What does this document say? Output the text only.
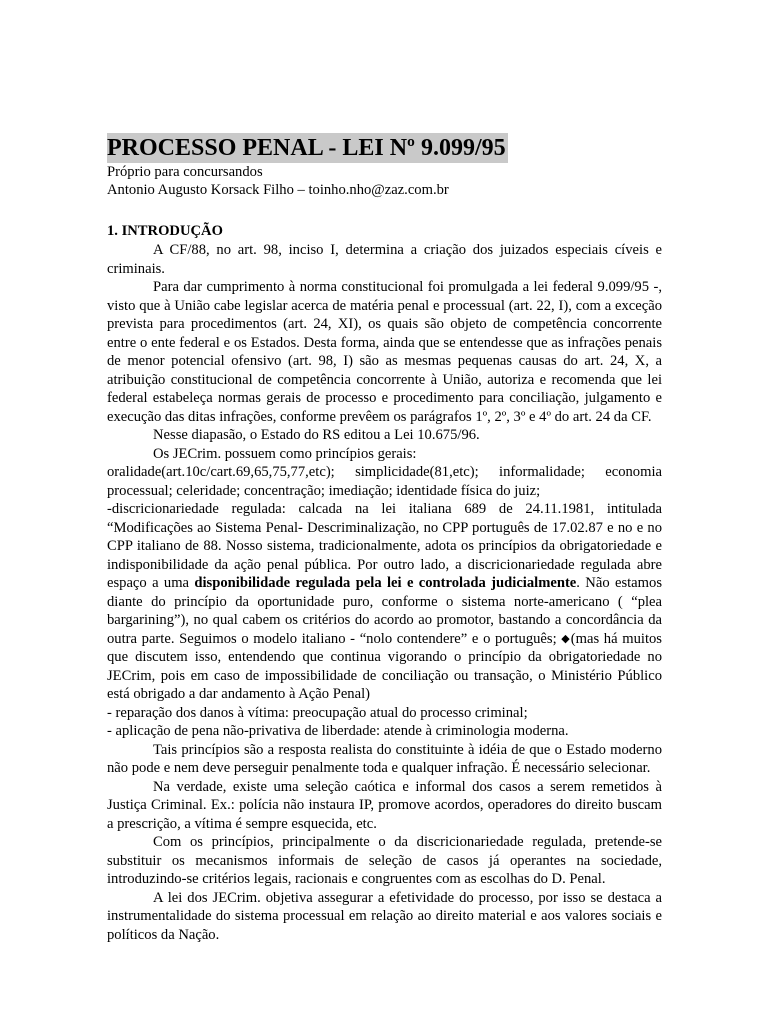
PROCESSO PENAL - LEI Nº 9.099/95
Próprio para concursandos
Antonio Augusto Korsack Filho – toinho.nho@zaz.com.br
1. INTRODUÇÃO

A CF/88, no art. 98, inciso I, determina a criação dos juizados especiais cíveis e criminais.

Para dar cumprimento à norma constitucional foi promulgada a lei federal 9.099/95 -, visto que à União cabe legislar acerca de matéria penal e processual (art. 22, I), com a exceção prevista para procedimentos (art. 24, XI), os quais são objeto de competência concorrente entre o ente federal e os Estados. Desta forma, ainda que se entendesse que as infrações penais de menor potencial ofensivo (art. 98, I) são as mesmas pequenas causas do art. 24, X, a atribuição constitucional de competência concorrente à União, autoriza e recomenda que lei federal estabeleça normas gerais de processo e procedimento para conciliação, julgamento e execução das ditas infrações, conforme prevêem os parágrafos 1º, 2º, 3º e 4º do art. 24 da CF.

Nesse diapasão, o Estado do RS editou a Lei 10.675/96.

Os JECrim. possuem como princípios gerais:

oralidade(art.10c/cart.69,65,75,77,etc); simplicidade(81,etc); informalidade; economia processual; celeridade; concentração; imediação; identidade física do juiz;

-discricionariedade regulada: calcada na lei italiana 689 de 24.11.1981, intitulada “Modificações ao Sistema Penal- Descriminalização, no CPP português de 17.02.87 e no e no CPP italiano de 88. Nosso sistema, tradicionalmente, adota os princípios da obrigatoriedade e indisponibilidade da ação penal pública. Por outro lado, a discricionariedade regulada abre espaço a uma disponibilidade regulada pela lei e controlada judicialmente. Não estamos diante do princípio da oportunidade puro, conforme o sistema norte-americano ( “plea bargarining”), no qual cabem os critérios do acordo ao promotor, bastando a concordância da outra parte. Seguimos o modelo italiano - “nolo contendere” e o português; ◆(mas há muitos que discutem isso, entendendo que continua vigorando o princípio da obrigatoriedade no JECrim, pois em caso de impossibilidade de conciliação ou transação, o Ministério Público está obrigado a dar andamento à Ação Penal)

- reparação dos danos à vítima: preocupação atual do processo criminal;

- aplicação de pena não-privativa de liberdade: atende à criminologia moderna.

Tais princípios são a resposta realista do constituinte à idéia de que o Estado moderno não pode e nem deve perseguir penalmente toda e qualquer infração. É necessário selecionar.

Na verdade, existe uma seleção caótica e informal dos casos a serem remetidos à Justiça Criminal. Ex.: polícia não instaura IP, promove acordos, operadores do direito buscam a prescrição, a vítima é sempre esquecida, etc.

Com os princípios, principalmente o da discricionariedade regulada, pretende-se substituir os mecanismos informais de seleção de casos já operantes na sociedade, introduzindo-se critérios legais, racionais e congruentes com as escolhas do D. Penal.

A lei dos JECrim. objetiva assegurar a efetividade do processo, por isso se destaca a instrumentalidade do sistema processual em relação ao direito material e aos valores sociais e políticos da Nação.
